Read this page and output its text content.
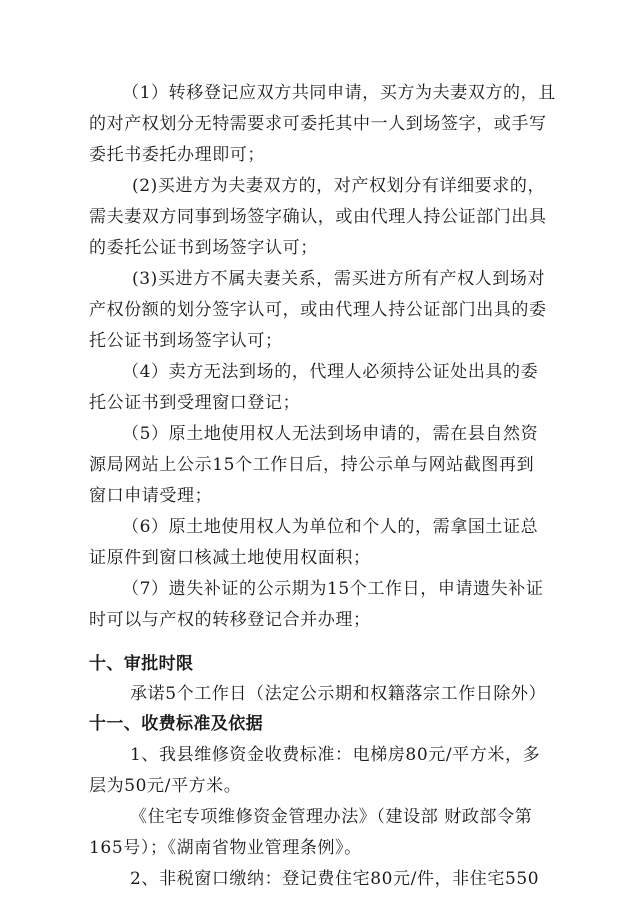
（1）转移登记应双方共同申请，买方为夫妻双方的，且
的对产权划分无特需要求可委托其中一人到场签字，或手写
委托书委托办理即可；
(2)买进方为夫妻双方的，对产权划分有详细要求的，
需夫妻双方同事到场签字确认，或由代理人持公证部门出具
的委托公证书到场签字认可；
(3)买进方不属夫妻关系，需买进方所有产权人到场对
产权份额的划分签字认可，或由代理人持公证部门出具的委
托公证书到场签字认可；
（4）卖方无法到场的，代理人必须持公证处出具的委
托公证书到受理窗口登记；
（5）原土地使用权人无法到场申请的，需在县自然资
源局网站上公示15个工作日后，持公示单与网站截图再到
窗口申请受理；
（6）原土地使用权人为单位和个人的，需拿国土证总
证原件到窗口核减土地使用权面积；
（7）遗失补证的公示期为15个工作日，申请遗失补证
时可以与产权的转移登记合并办理；
十、审批时限
承诺5个工作日（法定公示期和权籍落宗工作日除外）
十一、收费标准及依据
1、我县维修资金收费标准：电梯房80元/平方米，多
层为50元/平方米。
《住宅专项维修资金管理办法》（建设部 财政部令第
165号）；《湖南省物业管理条例》。
2、非税窗口缴纳：登记费住宅80元/件，非住宅550
